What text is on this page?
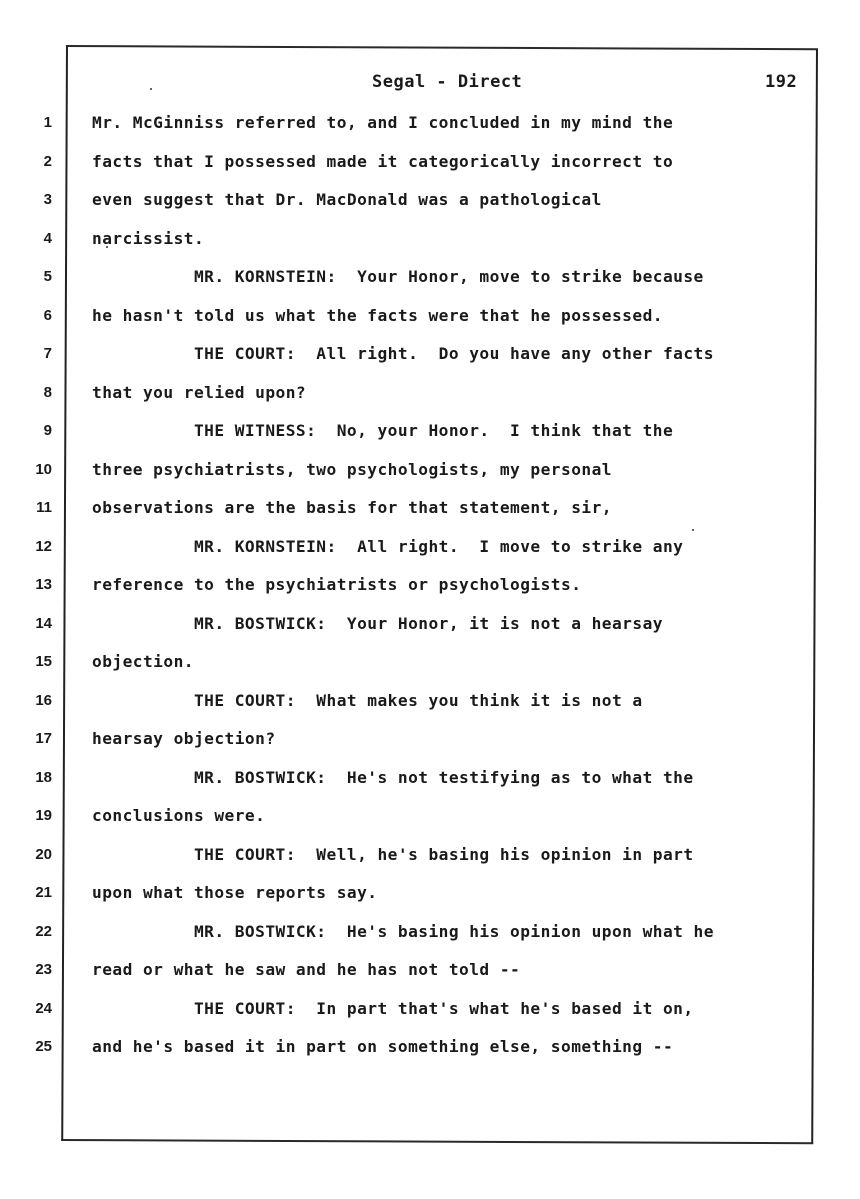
Segal - Direct	192
1 Mr. McGinniss referred to, and I concluded in my mind the
2 facts that I possessed made it categorically incorrect to
3 even suggest that Dr. MacDonald was a pathological
4 narcissist.
5 MR. KORNSTEIN:  Your Honor, move to strike because
6 he hasn't told us what the facts were that he possessed.
7 THE COURT:  All right.  Do you have any other facts
8 that you relied upon?
9 THE WITNESS:  No, your Honor.  I think that the
10 three psychiatrists, two psychologists, my personal
11 observations are the basis for that statement, sir,
12 MR. KORNSTEIN:  All right.  I move to strike any
13 reference to the psychiatrists or psychologists.
14 MR. BOSTWICK:  Your Honor, it is not a hearsay
15 objection.
16 THE COURT:  What makes you think it is not a
17 hearsay objection?
18 MR. BOSTWICK:  He's not testifying as to what the
19 conclusions were.
20 THE COURT:  Well, he's basing his opinion in part
21 upon what those reports say.
22 MR. BOSTWICK:  He's basing his opinion upon what he
23 read or what he saw and he has not told --
24 THE COURT:  In part that's what he's based it on,
25 and he's based it in part on something else, something --
